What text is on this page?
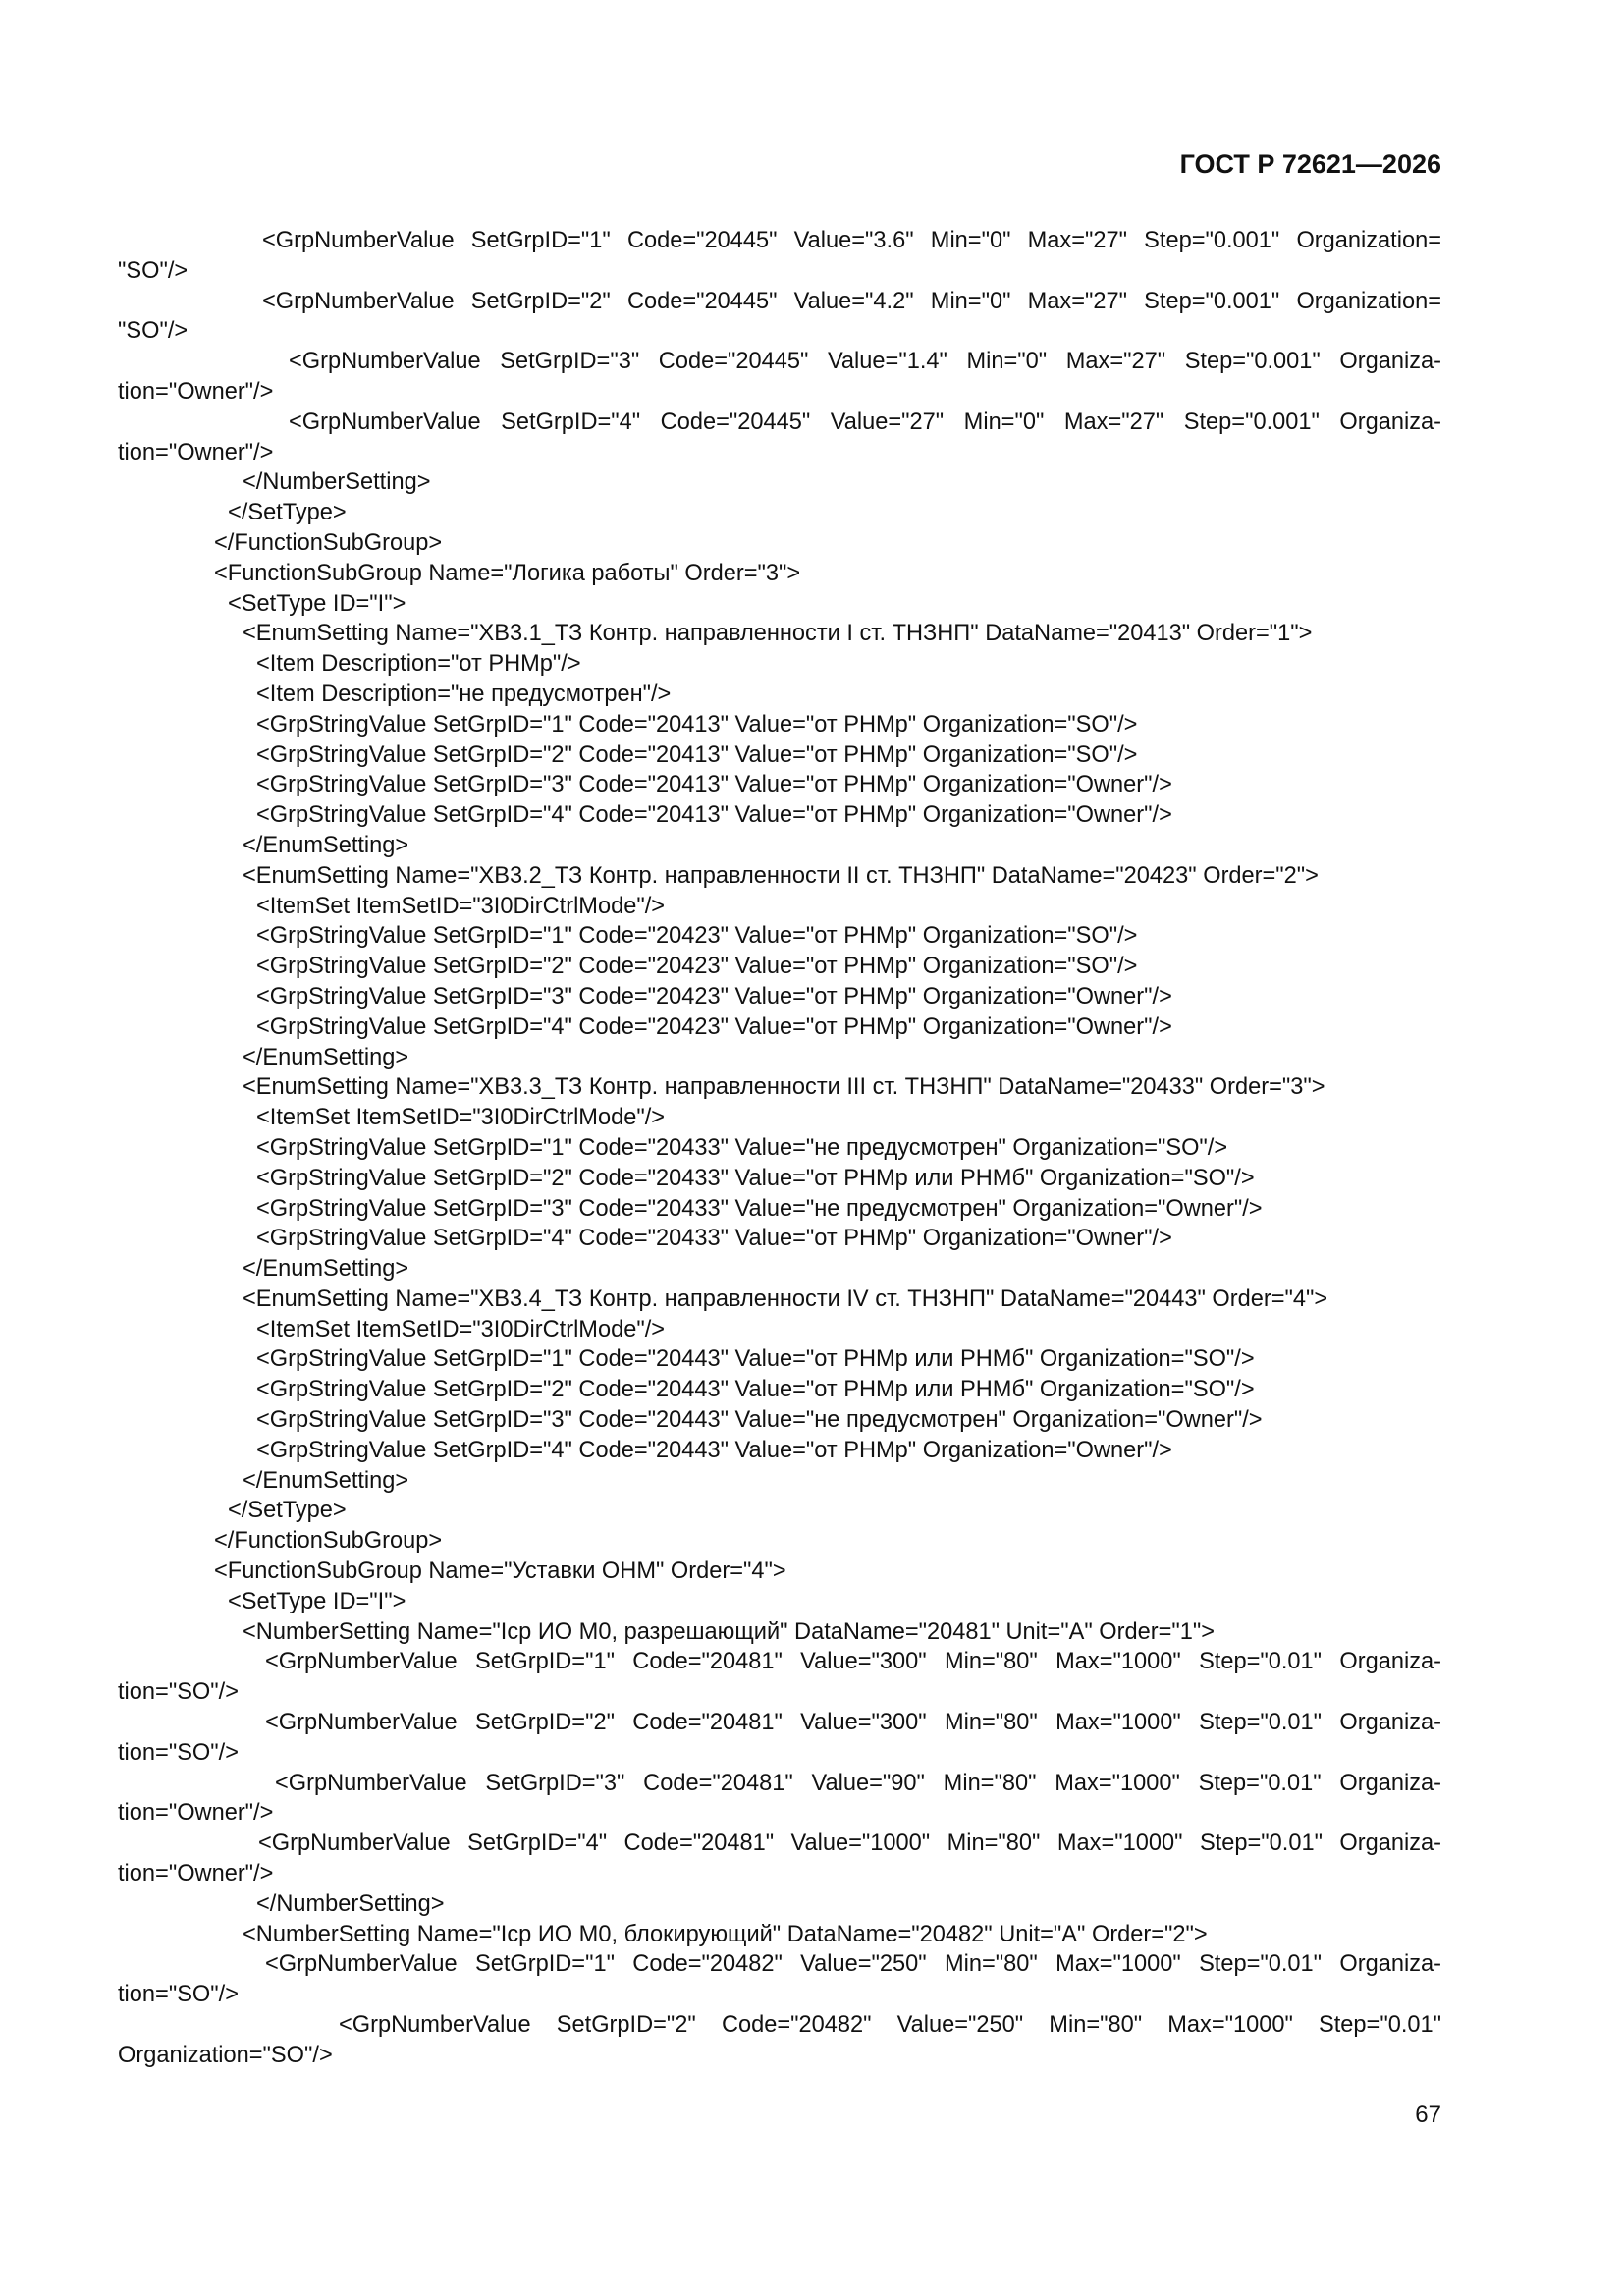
ГОСТ Р 72621—2026
<GrpNumberValue SetGrpID="1" Code="20445" Value="3.6" Min="0" Max="27" Step="0.001" Organization= "SO"/>
<GrpNumberValue SetGrpID="2" Code="20445" Value="4.2" Min="0" Max="27" Step="0.001" Organization= "SO"/>
<GrpNumberValue SetGrpID="3" Code="20445" Value="1.4" Min="0" Max="27" Step="0.001" Organiza-tion="Owner"/>
<GrpNumberValue SetGrpID="4" Code="20445" Value="27" Min="0" Max="27" Step="0.001" Organiza-tion="Owner"/>
</NumberSetting>
</SetType>
</FunctionSubGroup>
<FunctionSubGroup Name="Логика работы" Order="3">
<SetType ID="I">
<EnumSetting Name="ХВ3.1_ТЗ Контр. направленности I ст. ТНЗНП" DataName="20413" Order="1">
<Item Description="от РНМр"/>
<Item Description="не предусмотрен"/>
<GrpStringValue SetGrpID="1" Code="20413" Value="от РНМр" Organization="SO"/>
<GrpStringValue SetGrpID="2" Code="20413" Value="от РНМр" Organization="SO"/>
<GrpStringValue SetGrpID="3" Code="20413" Value="от РНМр" Organization="Owner"/>
<GrpStringValue SetGrpID="4" Code="20413" Value="от РНМр" Organization="Owner"/>
</EnumSetting>
<EnumSetting Name="ХВ3.2_ТЗ Контр. направленности II ст. ТНЗНП" DataName="20423" Order="2">
<ItemSet ItemSetID="3I0DirCtrlMode"/>
<GrpStringValue SetGrpID="1" Code="20423" Value="от РНМр" Organization="SO"/>
<GrpStringValue SetGrpID="2" Code="20423" Value="от РНМр" Organization="SO"/>
<GrpStringValue SetGrpID="3" Code="20423" Value="от РНМр" Organization="Owner"/>
<GrpStringValue SetGrpID="4" Code="20423" Value="от РНМр" Organization="Owner"/>
</EnumSetting>
<EnumSetting Name="ХВ3.3_ТЗ Контр. направленности III ст. ТНЗНП" DataName="20433" Order="3">
<ItemSet ItemSetID="3I0DirCtrlMode"/>
<GrpStringValue SetGrpID="1" Code="20433" Value="не предусмотрен" Organization="SO"/>
<GrpStringValue SetGrpID="2" Code="20433" Value="от РНМр или РНМб" Organization="SO"/>
<GrpStringValue SetGrpID="3" Code="20433" Value="не предусмотрен" Organization="Owner"/>
<GrpStringValue SetGrpID="4" Code="20433" Value="от РНМр" Organization="Owner"/>
</EnumSetting>
<EnumSetting Name="ХВ3.4_ТЗ Контр. направленности IV ст. ТНЗНП" DataName="20443" Order="4">
<ItemSet ItemSetID="3I0DirCtrlMode"/>
<GrpStringValue SetGrpID="1" Code="20443" Value="от РНМр или РНМб" Organization="SO"/>
<GrpStringValue SetGrpID="2" Code="20443" Value="от РНМр или РНМб" Organization="SO"/>
<GrpStringValue SetGrpID="3" Code="20443" Value="не предусмотрен" Organization="Owner"/>
<GrpStringValue SetGrpID="4" Code="20443" Value="от РНМр" Organization="Owner"/>
</EnumSetting>
</SetType>
</FunctionSubGroup>
<FunctionSubGroup Name="Уставки ОНМ" Order="4">
<SetType ID="I">
<NumberSetting Name="Icp ИО М0, разрешающий" DataName="20481" Unit="A" Order="1">
<GrpNumberValue SetGrpID="1" Code="20481" Value="300" Min="80" Max="1000" Step="0.01" Organiza-tion="SO"/>
<GrpNumberValue SetGrpID="2" Code="20481" Value="300" Min="80" Max="1000" Step="0.01" Organiza-tion="SO"/>
<GrpNumberValue SetGrpID="3" Code="20481" Value="90" Min="80" Max="1000" Step="0.01" Organiza-tion="Owner"/>
<GrpNumberValue SetGrpID="4" Code="20481" Value="1000" Min="80" Max="1000" Step="0.01" Organiza-tion="Owner"/>
</NumberSetting>
<NumberSetting Name="Icp ИО М0, блокирующий" DataName="20482" Unit="A" Order="2">
<GrpNumberValue SetGrpID="1" Code="20482" Value="250" Min="80" Max="1000" Step="0.01" Organiza-tion="SO"/>
<GrpNumberValue SetGrpID="2" Code="20482" Value="250" Min="80" Max="1000" Step="0.01" Organization="SO"/>
67
